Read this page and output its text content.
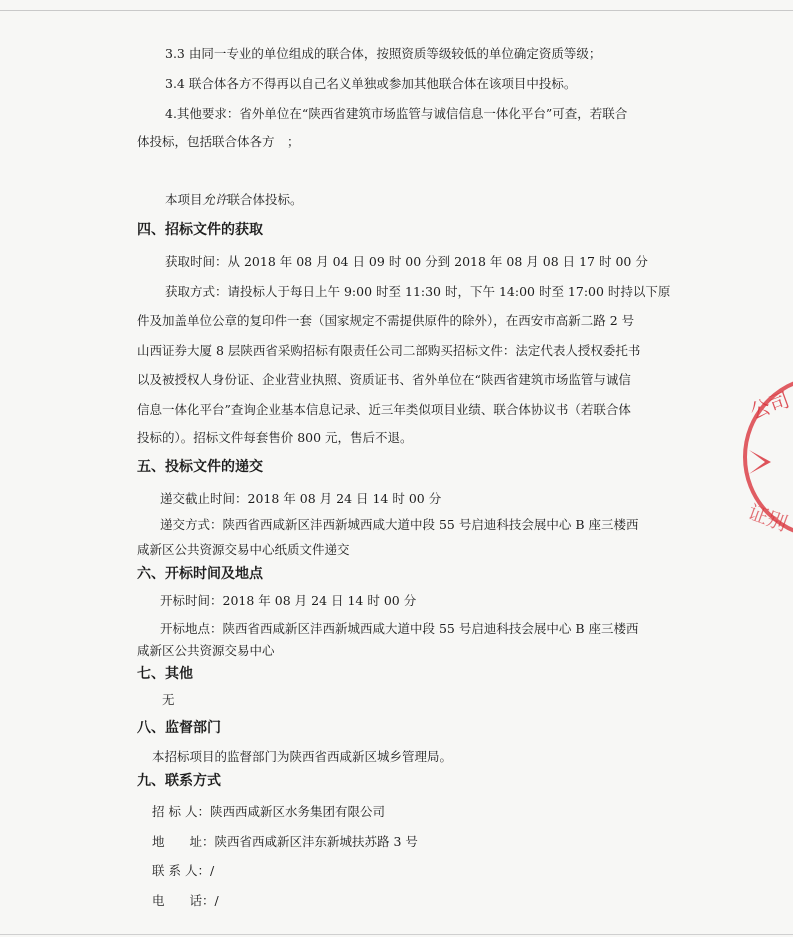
3.3 由同一专业的单位组成的联合体，按照资质等级较低的单位确定资质等级；
3.4 联合体各方不得再以自己名义单独或参加其他联合体在该项目中投标。
4.其他要求：省外单位在“陕西省建筑市场监管与诚信信息一体化平台”可查，若联合
体投标，包括联合体各方　；
本项目允许联合体投标。
四、招标文件的获取
获取时间：从 2018 年 08 月 04 日 09 时 00 分到 2018 年 08 月 08 日 17 时 00 分
获取方式：请投标人于每日上午 9:00 时至 11:30 时，下午 14:00 时至 17:00 时持以下原
件及加盖单位公章的复印件一套（国家规定不需提供原件的除外），在西安市高新二路 2 号
山西证券大厦 8 层陕西省采购招标有限责任公司二部购买招标文件：法定代表人授权委托书
以及被授权人身份证、企业营业执照、资质证书、省外单位在“陕西省建筑市场监管与诚信
信息一体化平台”查询企业基本信息记录、近三年类似项目业绩、联合体协议书（若联合体
投标的）。招标文件每套售价 800 元，售后不退。
五、投标文件的递交
递交截止时间：2018 年 08 月 24 日 14 时 00 分
递交方式：陕西省西咸新区沣西新城西咸大道中段 55 号启迪科技会展中心 B 座三楼西
咸新区公共资源交易中心纸质文件递交
六、开标时间及地点
开标时间：2018 年 08 月 24 日 14 时 00 分
开标地点：陕西省西咸新区沣西新城西咸大道中段 55 号启迪科技会展中心 B 座三楼西
咸新区公共资源交易中心
七、其他
无
八、监督部门
本招标项目的监督部门为陕西省西咸新区城乡管理局。
九、联系方式
招 标 人：陕西西咸新区水务集团有限公司
地　　址：陕西省西咸新区沣东新城扶苏路 3 号
联 系 人：/
电　　话：/
公司
证别
